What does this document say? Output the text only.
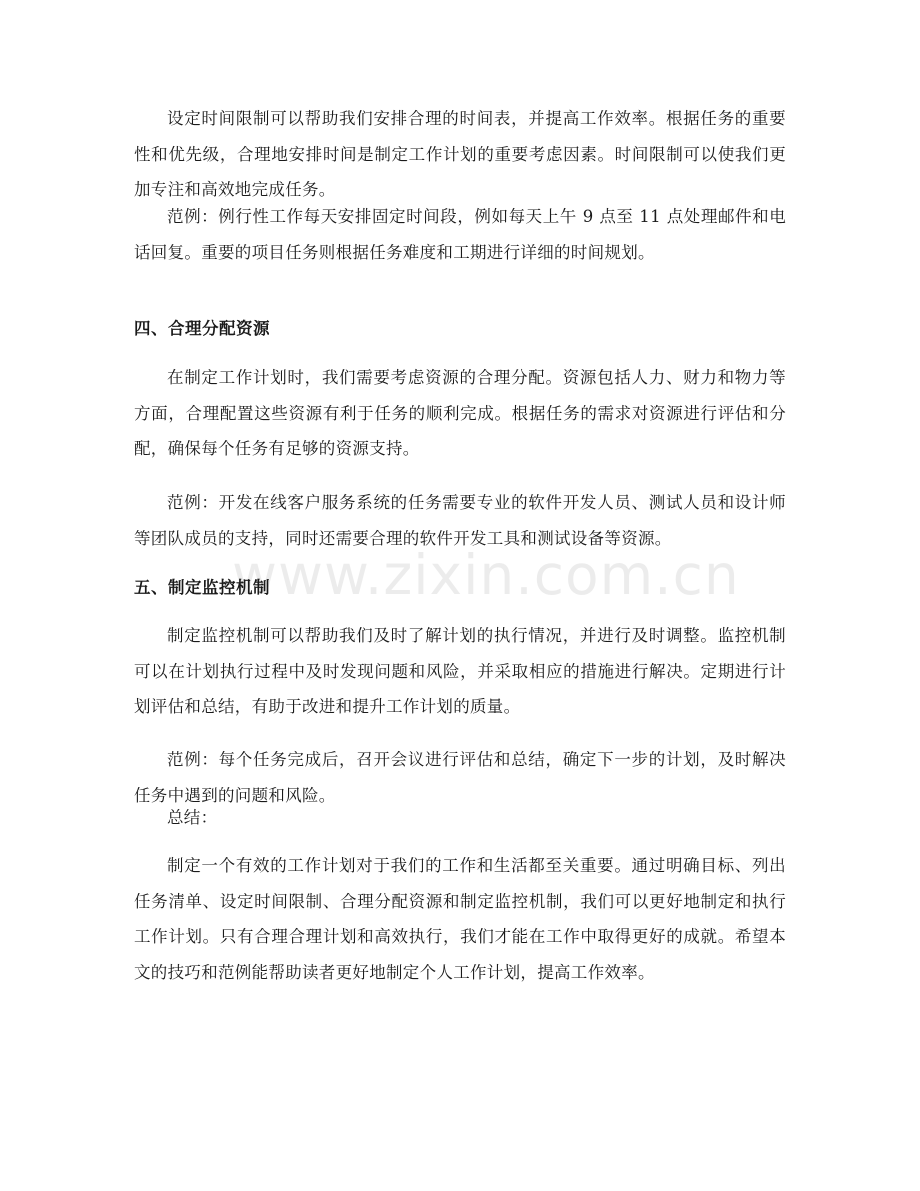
设定时间限制可以帮助我们安排合理的时间表，并提高工作效率。根据任务的重要性和优先级，合理地安排时间是制定工作计划的重要考虑因素。时间限制可以使我们更加专注和高效地完成任务。

范例：例行性工作每天安排固定时间段，例如每天上午 9 点至 11 点处理邮件和电话回复。重要的项目任务则根据任务难度和工期进行详细的时间规划。

四、合理分配资源

在制定工作计划时，我们需要考虑资源的合理分配。资源包括人力、财力和物力等方面，合理配置这些资源有利于任务的顺利完成。根据任务的需求对资源进行评估和分配，确保每个任务有足够的资源支持。

范例：开发在线客户服务系统的任务需要专业的软件开发人员、测试人员和设计师等团队成员的支持，同时还需要合理的软件开发工具和测试设备等资源。

五、制定监控机制

制定监控机制可以帮助我们及时了解计划的执行情况，并进行及时调整。监控机制可以在计划执行过程中及时发现问题和风险，并采取相应的措施进行解决。定期进行计划评估和总结，有助于改进和提升工作计划的质量。

范例：每个任务完成后，召开会议进行评估和总结，确定下一步的计划，及时解决任务中遇到的问题和风险。

总结：

制定一个有效的工作计划对于我们的工作和生活都至关重要。通过明确目标、列出任务清单、设定时间限制、合理分配资源和制定监控机制，我们可以更好地制定和执行工作计划。只有合理合理计划和高效执行，我们才能在工作中取得更好的成就。希望本文的技巧和范例能帮助读者更好地制定个人工作计划，提高工作效率。

www.zixin.com.cn
